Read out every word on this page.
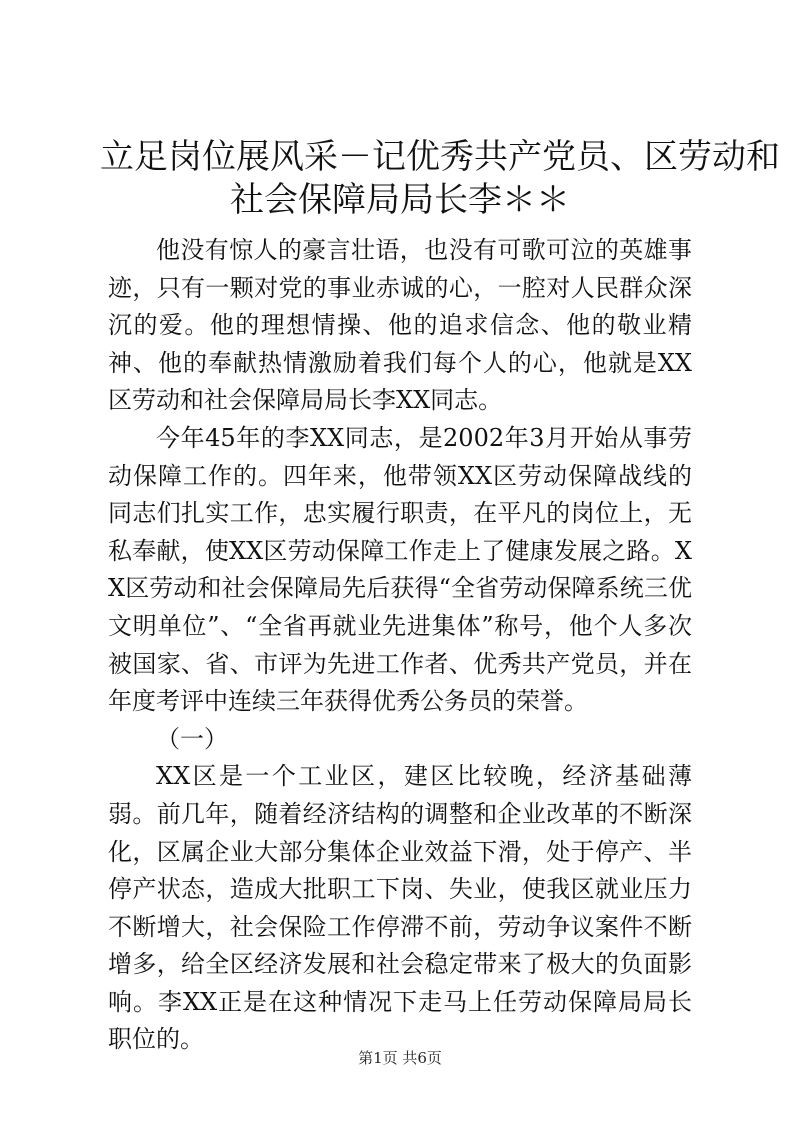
立足岗位展风采－记优秀共产党员、区劳动和
社会保障局局长李＊＊

他没有惊人的豪言壮语，也没有可歌可泣的英雄事迹，只有一颗对党的事业赤诚的心，一腔对人民群众深沉的爱。他的理想情操、他的追求信念、他的敬业精神、他的奉献热情激励着我们每个人的心，他就是XX区劳动和社会保障局局长李XX同志。

今年45年的李XX同志，是2002年3月开始从事劳动保障工作的。四年来，他带领XX区劳动保障战线的同志们扎实工作，忠实履行职责，在平凡的岗位上，无私奉献，使XX区劳动保障工作走上了健康发展之路。XX区劳动和社会保障局先后获得“全省劳动保障系统三优文明单位”、“全省再就业先进集体”称号，他个人多次被国家、省、市评为先进工作者、优秀共产党员，并在年度考评中连续三年获得优秀公务员的荣誉。

（一）

XX区是一个工业区，建区比较晚，经济基础薄弱。前几年，随着经济结构的调整和企业改革的不断深化，区属企业大部分集体企业效益下滑，处于停产、半停产状态，造成大批职工下岗、失业，使我区就业压力不断增大，社会保险工作停滞不前，劳动争议案件不断增多，给全区经济发展和社会稳定带来了极大的负面影响。李XX正是在这种情况下走马上任劳动保障局局长职位的。

第1页 共6页
